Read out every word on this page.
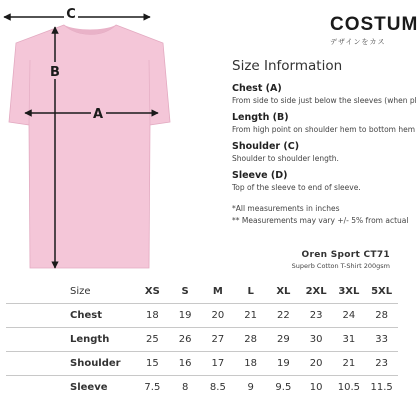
C
B
A
COSTUM
デザインをカス
Size Information
Chest (A)
From side to side just below the sleeves (when pl
Length (B)
From high point on shoulder hem to bottom hem
Shoulder (C)
Shoulder to shoulder length.
Sleeve (D)
Top of the sleeve to end of sleeve.
*All measurements in inches
** Measurements may vary +/- 5% from actual
Oren Sport CT71
Superb Cotton T-Shirt 200gsm
Size	XS	S	M	L	XL	2XL	3XL	5XL
Chest	18	19	20	21	22	23	24	28
Length	25	26	27	28	29	30	31	33
Shoulder	15	16	17	18	19	20	21	23
Sleeve	7.5	8	8.5	9	9.5	10	10.5	11.5
